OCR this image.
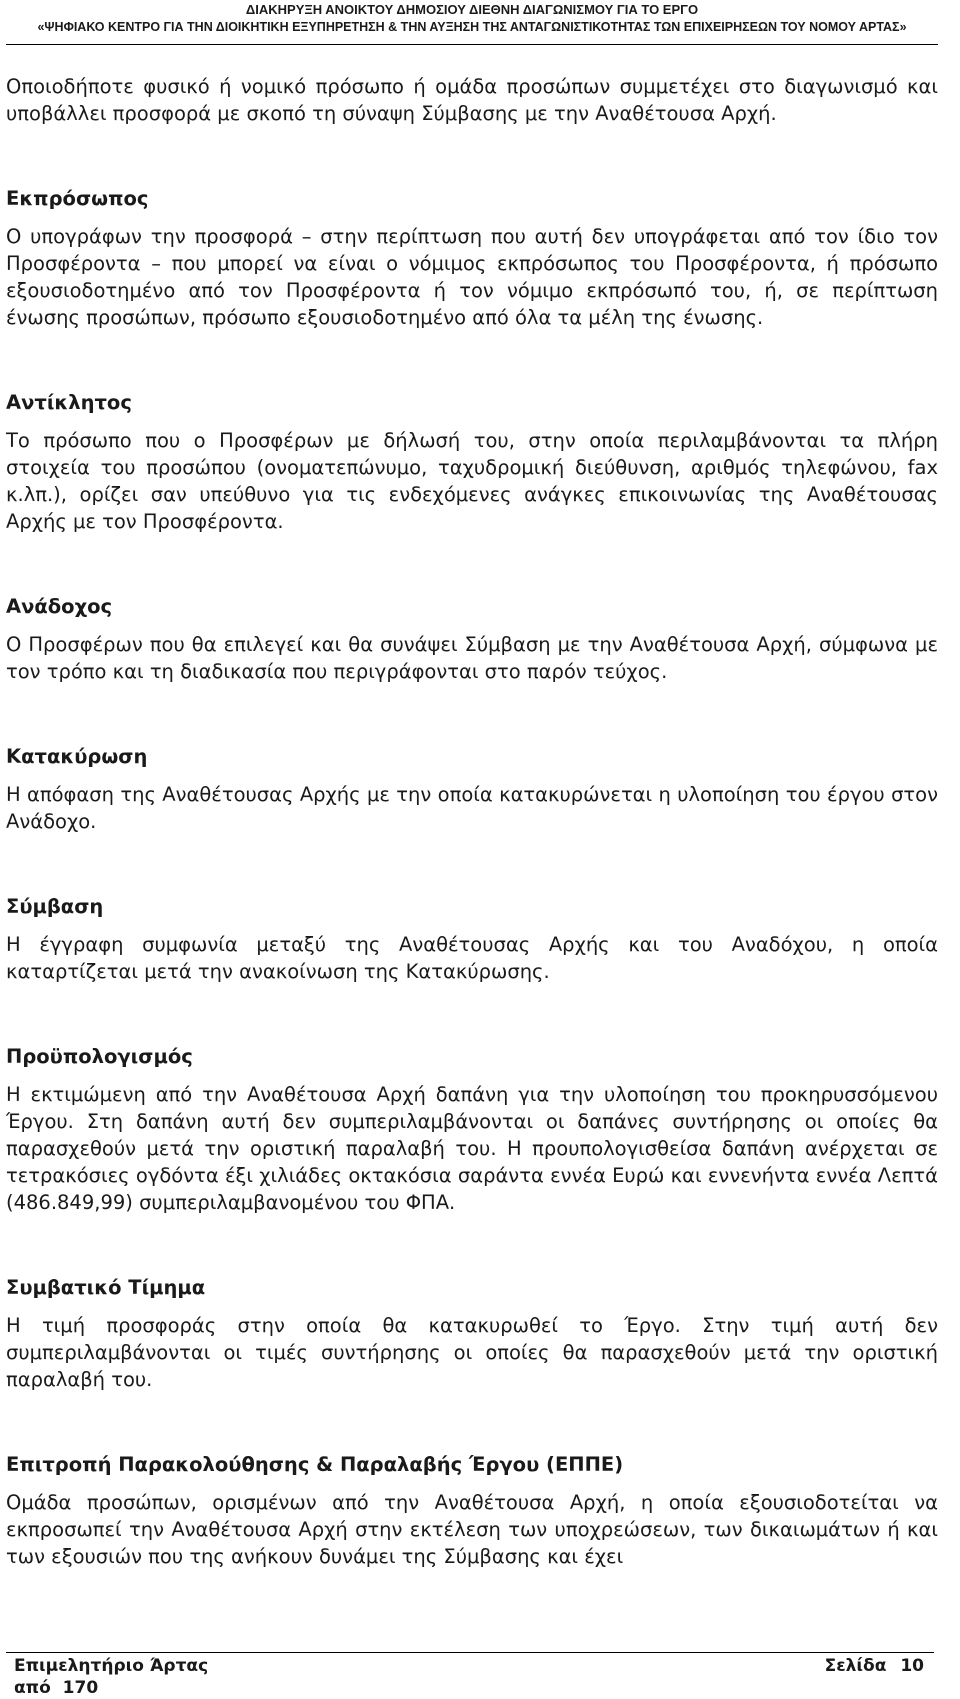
ΔΙΑΚΗΡΥΞΗ ΑΝΟΙΚΤΟΥ ΔΗΜΟΣΙΟΥ ΔΙΕΘΝΗ ΔΙΑΓΩΝΙΣΜΟΥ ΓΙΑ ΤΟ ΕΡΓΟ
«ΨΗΦΙΑΚΟ ΚΕΝΤΡΟ ΓΙΑ ΤΗΝ ΔΙΟΙΚΗΤΙΚΗ ΕΞΥΠΗΡΕΤΗΣΗ & ΤΗΝ ΑΥΞΗΣΗ ΤΗΣ ΑΝΤΑΓΩΝΙΣΤΙΚΟΤΗΤΑΣ ΤΩΝ ΕΠΙΧΕΙΡΗΣΕΩΝ ΤΟΥ ΝΟΜΟΥ ΑΡΤΑΣ»

Οποιοδήποτε φυσικό ή νομικό πρόσωπο ή ομάδα προσώπων συμμετέχει στο διαγωνισμό και υποβάλλει προσφορά με σκοπό τη σύναψη Σύμβασης με την Αναθέτουσα Αρχή.

Εκπρόσωπος

Ο υπογράφων την προσφορά – στην περίπτωση που αυτή δεν υπογράφεται από τον ίδιο τον Προσφέροντα – που μπορεί να είναι ο νόμιμος εκπρόσωπος του Προσφέροντα, ή πρόσωπο εξουσιοδοτημένο από τον Προσφέροντα ή τον νόμιμο εκπρόσωπό του, ή, σε περίπτωση ένωσης προσώπων, πρόσωπο εξουσιοδοτημένο από όλα τα μέλη της ένωσης.

Αντίκλητος

Το πρόσωπο που ο Προσφέρων με δήλωσή του, στην οποία περιλαμβάνονται τα πλήρη στοιχεία του προσώπου (ονοματεπώνυμο, ταχυδρομική διεύθυνση, αριθμός τηλεφώνου, fax κ.λπ.), ορίζει σαν υπεύθυνο για τις ενδεχόμενες ανάγκες επικοινωνίας της Αναθέτουσας Αρχής με τον Προσφέροντα.

Ανάδοχος

Ο Προσφέρων που θα επιλεγεί και θα συνάψει Σύμβαση με την Αναθέτουσα Αρχή, σύμφωνα με τον τρόπο και τη διαδικασία που περιγράφονται στο παρόν τεύχος.

Κατακύρωση

Η απόφαση της Αναθέτουσας Αρχής με την οποία κατακυρώνεται η υλοποίηση του έργου στον Ανάδοχο.

Σύμβαση

Η έγγραφη συμφωνία μεταξύ της Αναθέτουσας Αρχής και του Αναδόχου, η οποία καταρτίζεται μετά την ανακοίνωση της Κατακύρωσης.

Προϋπολογισμός

Η εκτιμώμενη από την Αναθέτουσα Αρχή δαπάνη για την υλοποίηση του προκηρυσσόμενου Έργου. Στη δαπάνη αυτή δεν συμπεριλαμβάνονται οι δαπάνες συντήρησης οι οποίες θα παρασχεθούν μετά την οριστική παραλαβή του. Η προυπολογισθείσα δαπάνη ανέρχεται σε τετρακόσιες ογδόντα έξι χιλιάδες οκτακόσια σαράντα εννέα Ευρώ και εννενήντα εννέα Λεπτά (486.849,99) συμπεριλαμβανομένου του ΦΠΑ.

Συμβατικό Τίμημα

Η τιμή προσφοράς στην οποία θα κατακυρωθεί το Έργο. Στην τιμή αυτή δεν συμπεριλαμβάνονται οι τιμές συντήρησης οι οποίες θα παρασχεθούν μετά την οριστική παραλαβή του.

Επιτροπή Παρακολούθησης & Παραλαβής Έργου (ΕΠΠΕ)

Ομάδα προσώπων, ορισμένων από την Αναθέτουσα Αρχή, η οποία εξουσιοδοτείται να εκπροσωπεί την Αναθέτουσα Αρχή στην εκτέλεση των υποχρεώσεων, των δικαιωμάτων ή και των εξουσιών που της ανήκουν δυνάμει της Σύμβασης και έχει

Επιμελητήριο Άρτας	Σελίδα 10
από 170
